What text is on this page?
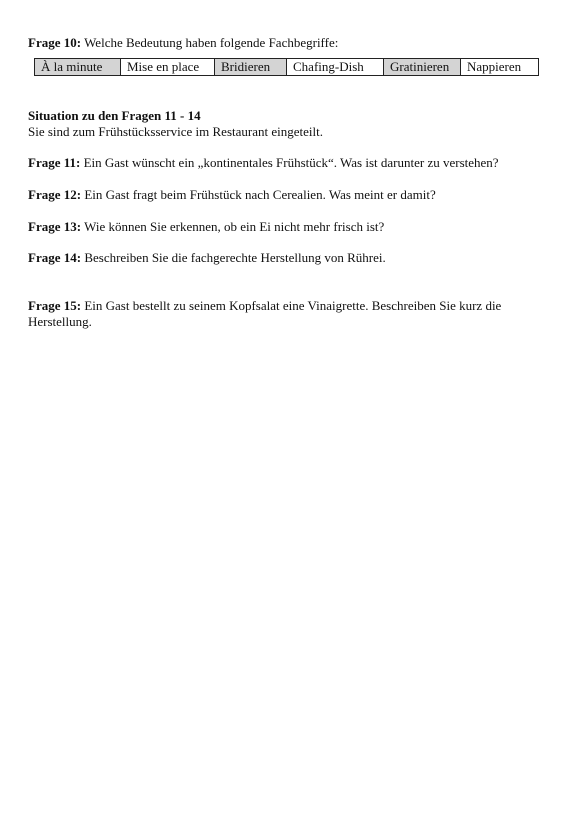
Frage 10: Welche Bedeutung haben folgende Fachbegriffe:
À la minute	Mise en place	Bridieren	Chafing-Dish	Gratinieren	Nappieren
Situation zu den Fragen 11 - 14
Sie sind zum Frühstücksservice im Restaurant eingeteilt.
Frage 11: Ein Gast wünscht ein „kontinentales Frühstück“. Was ist darunter zu verstehen?
Frage 12: Ein Gast fragt beim Frühstück nach Cerealien. Was meint er damit?
Frage 13: Wie können Sie erkennen, ob ein Ei nicht mehr frisch ist?
Frage 14: Beschreiben Sie die fachgerechte Herstellung von Rührei.
Frage 15: Ein Gast bestellt zu seinem Kopfsalat eine Vinaigrette. Beschreiben Sie kurz die Herstellung.
